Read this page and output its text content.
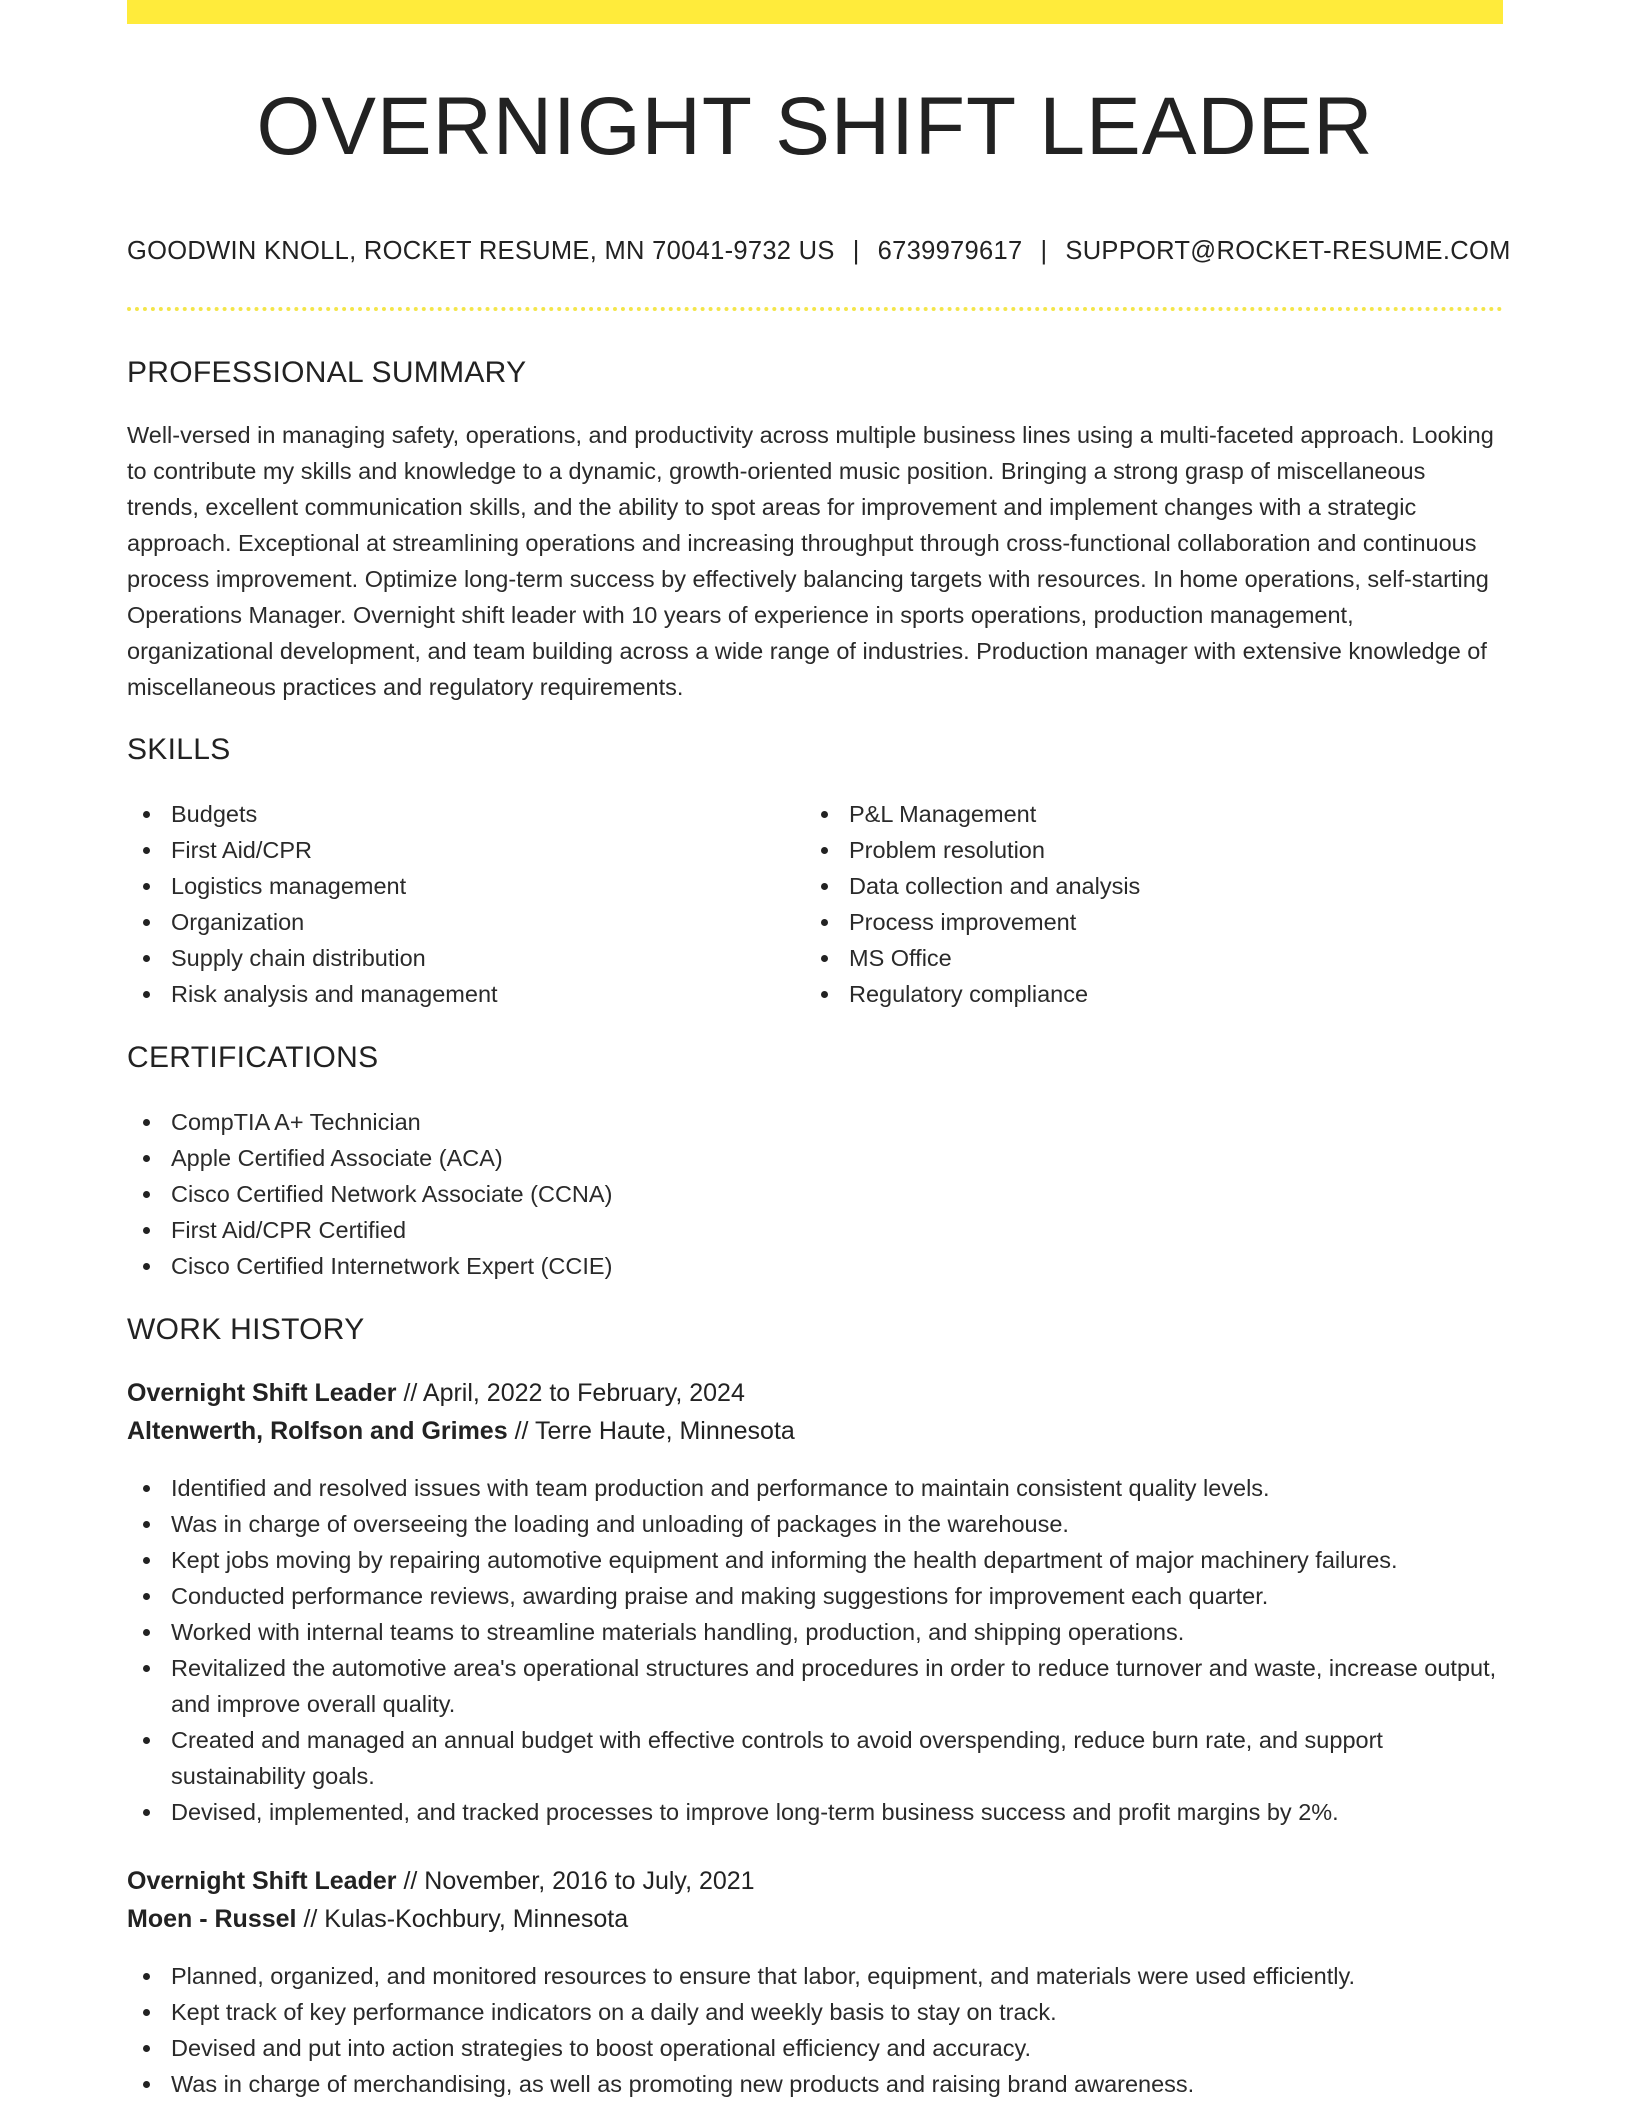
OVERNIGHT SHIFT LEADER
GOODWIN KNOLL, ROCKET RESUME, MN 70041-9732 US | 6739979617 | SUPPORT@ROCKET-RESUME.COM
PROFESSIONAL SUMMARY

Well-versed in managing safety, operations, and productivity across multiple business lines using a multi-faceted approach. Looking to contribute my skills and knowledge to a dynamic, growth-oriented music position. Bringing a strong grasp of miscellaneous trends, excellent communication skills, and the ability to spot areas for improvement and implement changes with a strategic approach. Exceptional at streamlining operations and increasing throughput through cross-functional collaboration and continuous process improvement. Optimize long-term success by effectively balancing targets with resources. In home operations, self-starting Operations Manager. Overnight shift leader with 10 years of experience in sports operations, production management, organizational development, and team building across a wide range of industries. Production manager with extensive knowledge of miscellaneous practices and regulatory requirements.

SKILLS
Budgets
First Aid/CPR
Logistics management
Organization
Supply chain distribution
Risk analysis and management
P&L Management
Problem resolution
Data collection and analysis
Process improvement
MS Office
Regulatory compliance
CERTIFICATIONS
CompTIA A+ Technician
Apple Certified Associate (ACA)
Cisco Certified Network Associate (CCNA)
First Aid/CPR Certified
Cisco Certified Internetwork Expert (CCIE)
WORK HISTORY
Overnight Shift Leader // April, 2022 to February, 2024
Altenwerth, Rolfson and Grimes // Terre Haute, Minnesota
Identified and resolved issues with team production and performance to maintain consistent quality levels.
Was in charge of overseeing the loading and unloading of packages in the warehouse.
Kept jobs moving by repairing automotive equipment and informing the health department of major machinery failures.
Conducted performance reviews, awarding praise and making suggestions for improvement each quarter.
Worked with internal teams to streamline materials handling, production, and shipping operations.
Revitalized the automotive area's operational structures and procedures in order to reduce turnover and waste, increase output, and improve overall quality.
Created and managed an annual budget with effective controls to avoid overspending, reduce burn rate, and support sustainability goals.
Devised, implemented, and tracked processes to improve long-term business success and profit margins by 2%.
Overnight Shift Leader // November, 2016 to July, 2021
Moen - Russel // Kulas-Kochbury, Minnesota
Planned, organized, and monitored resources to ensure that labor, equipment, and materials were used efficiently.
Kept track of key performance indicators on a daily and weekly basis to stay on track.
Devised and put into action strategies to boost operational efficiency and accuracy.
Was in charge of merchandising, as well as promoting new products and raising brand awareness.
